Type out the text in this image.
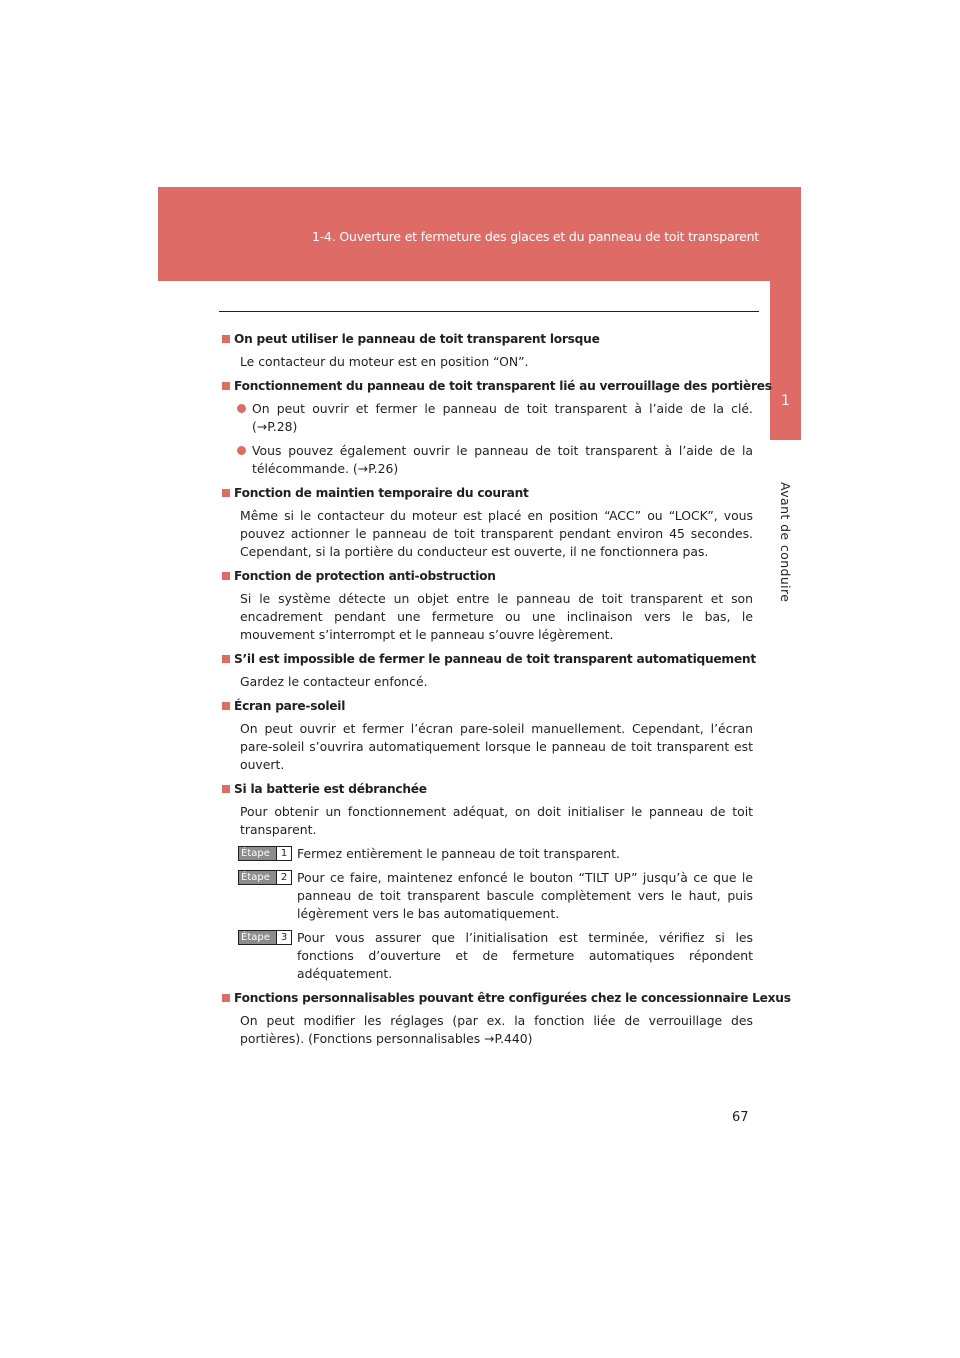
1-4. Ouverture et fermeture des glaces et du panneau de toit transparent
1
Avant de conduire
On peut utiliser le panneau de toit transparent lorsque
Le contacteur du moteur est en position “ON”.
Fonctionnement du panneau de toit transparent lié au verrouillage des portières
On peut ouvrir et fermer le panneau de toit transparent à l’aide de la clé. (→P.28)
Vous pouvez également ouvrir le panneau de toit transparent à l’aide de la télécommande. (→P.26)
Fonction de maintien temporaire du courant
Même si le contacteur du moteur est placé en position “ACC” ou “LOCK”, vous pouvez actionner le panneau de toit transparent pendant environ 45 secondes. Cependant, si la portière du conducteur est ouverte, il ne fonctionnera pas.
Fonction de protection anti-obstruction
Si le système détecte un objet entre le panneau de toit transparent et son encadrement pendant une fermeture ou une inclinaison vers le bas, le mouvement s’interrompt et le panneau s’ouvre légèrement.
S’il est impossible de fermer le panneau de toit transparent automatiquement
Gardez le contacteur enfoncé.
Écran pare-soleil
On peut ouvrir et fermer l’écran pare-soleil manuellement. Cependant, l’écran pare-soleil s’ouvrira automatiquement lorsque le panneau de toit transparent est ouvert.
Si la batterie est débranchée
Pour obtenir un fonctionnement adéquat, on doit initialiser le panneau de toit transparent.
Étape	1 Fermez entièrement le panneau de toit transparent.
Étape	2 Pour ce faire, maintenez enfoncé le bouton “TILT UP” jusqu’à ce que le panneau de toit transparent bascule complètement vers le haut, puis légèrement vers le bas automatiquement.
Étape	3 Pour vous assurer que l’initialisation est terminée, vérifiez si les fonctions d’ouverture et de fermeture automatiques répondent adéquatement.
Fonctions personnalisables pouvant être configurées chez le concessionnaire Lexus
On peut modifier les réglages (par ex. la fonction liée de verrouillage des portières). (Fonctions personnalisables →P.440)
67
